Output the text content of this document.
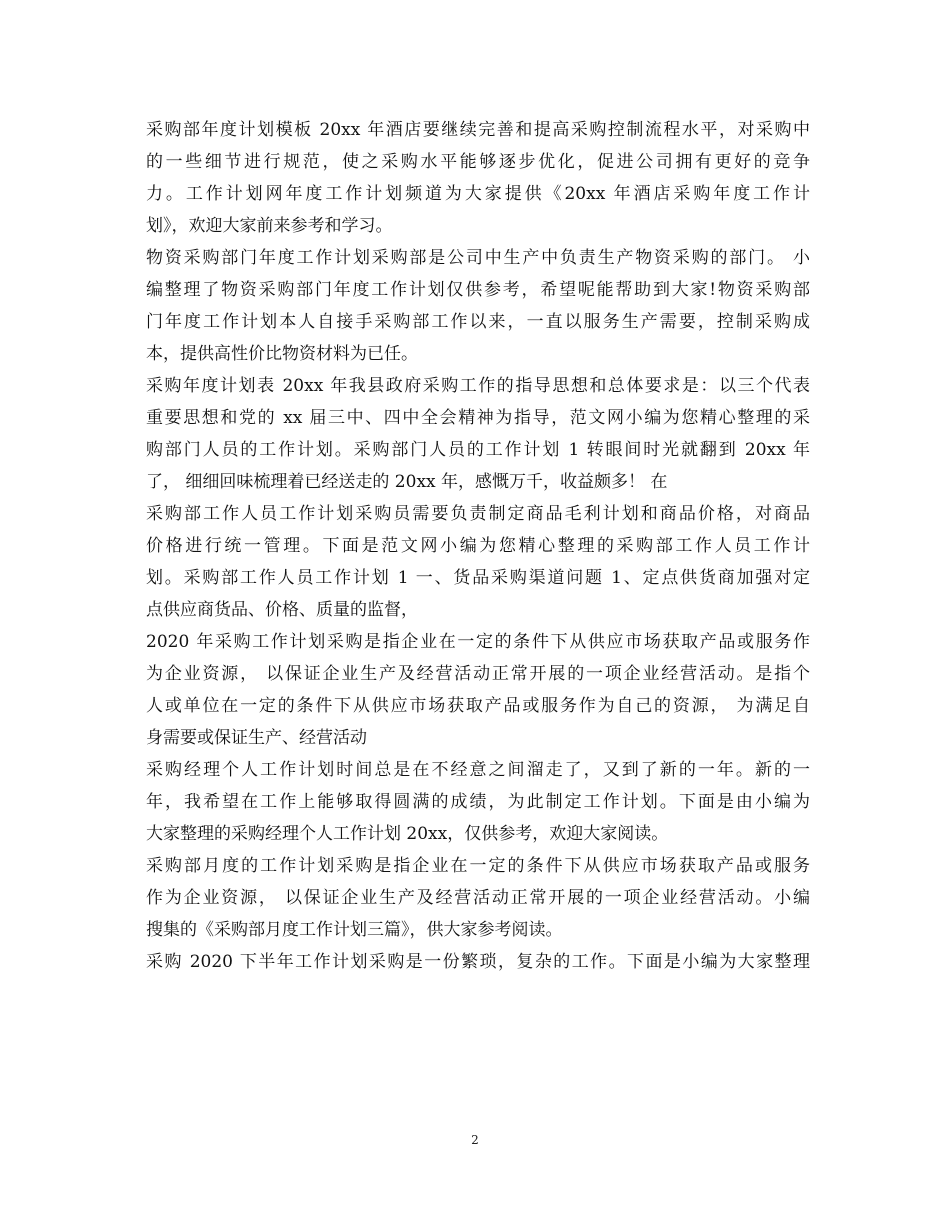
采购部年度计划模板 20xx 年酒店要继续完善和提高采购控制流程水平，对采购中
的一些细节进行规范，使之采购水平能够逐步优化，促进公司拥有更好的竞争
力。工作计划网年度工作计划频道为大家提供《20xx 年酒店采购年度工作计
划》，欢迎大家前来参考和学习。
物资采购部门年度工作计划采购部是公司中生产中负责生产物资采购的部门。 小
编整理了物资采购部门年度工作计划仅供参考，希望呢能帮助到大家!物资采购部
门年度工作计划本人自接手采购部工作以来，一直以服务生产需要，控制采购成
本，提供高性价比物资材料为已任。
采购年度计划表 20xx 年我县政府采购工作的指导思想和总体要求是：以三个代表
重要思想和党的 xx 届三中、四中全会精神为指导，范文网小编为您精心整理的采
购部门人员的工作计划。采购部门人员的工作计划 1 转眼间时光就翻到 20xx 年
了， 细细回味梳理着已经送走的 20xx 年，感慨万千，收益颇多！ 在
采购部工作人员工作计划采购员需要负责制定商品毛利计划和商品价格，对商品
价格进行统一管理。下面是范文网小编为您精心整理的采购部工作人员工作计
划。采购部工作人员工作计划 1 一、货品采购渠道问题 1、定点供货商加强对定
点供应商货品、价格、质量的监督，
2020 年采购工作计划采购是指企业在一定的条件下从供应市场获取产品或服务作
为企业资源， 以保证企业生产及经营活动正常开展的一项企业经营活动。是指个
人或单位在一定的条件下从供应市场获取产品或服务作为自己的资源， 为满足自
身需要或保证生产、经营活动
采购经理个人工作计划时间总是在不经意之间溜走了，又到了新的一年。新的一
年，我希望在工作上能够取得圆满的成绩，为此制定工作计划。下面是由小编为
大家整理的采购经理个人工作计划 20xx，仅供参考，欢迎大家阅读。
采购部月度的工作计划采购是指企业在一定的条件下从供应市场获取产品或服务
作为企业资源， 以保证企业生产及经营活动正常开展的一项企业经营活动。小编
搜集的《采购部月度工作计划三篇》，供大家参考阅读。
采购 2020 下半年工作计划采购是一份繁琐，复杂的工作。下面是小编为大家整理
2
